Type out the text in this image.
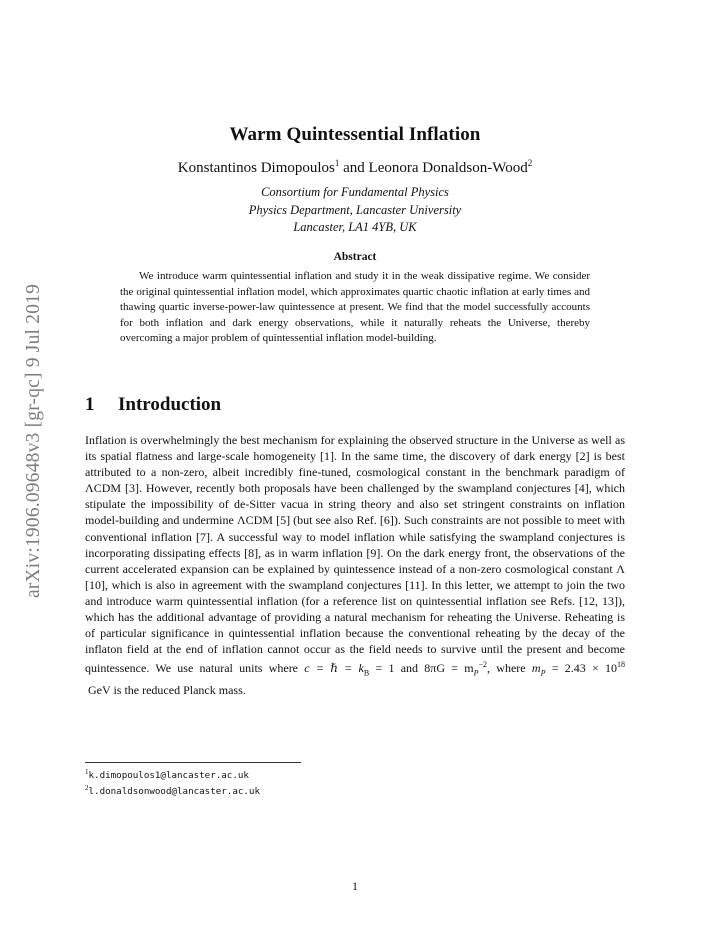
arXiv:1906.09648v3 [gr-qc] 9 Jul 2019
Warm Quintessential Inflation
Konstantinos Dimopoulos$^1$ and Leonora Donaldson-Wood$^2$
Consortium for Fundamental Physics
Physics Department, Lancaster University
Lancaster, LA1 4YB, UK
Abstract
We introduce warm quintessential inflation and study it in the weak dissipative regime. We consider the original quintessential inflation model, which approximates quartic chaotic inflation at early times and thawing quartic inverse-power-law quintessence at present. We find that the model successfully accounts for both inflation and dark energy observations, while it naturally reheats the Universe, thereby overcoming a major problem of quintessential inflation model-building.
1 Introduction
Inflation is overwhelmingly the best mechanism for explaining the observed structure in the Universe as well as its spatial flatness and large-scale homogeneity [1]. In the same time, the discovery of dark energy [2] is best attributed to a non-zero, albeit incredibly fine-tuned, cosmological constant in the benchmark paradigm of ΛCDM [3]. However, recently both proposals have been challenged by the swampland conjectures [4], which stipulate the impossibility of de-Sitter vacua in string theory and also set stringent constraints on inflation model-building and undermine ΛCDM [5] (but see also Ref. [6]). Such constraints are not possible to meet with conventional inflation [7]. A successful way to model inflation while satisfying the swampland conjectures is incorporating dissipating effects [8], as in warm inflation [9]. On the dark energy front, the observations of the current accelerated expansion can be explained by quintessence instead of a non-zero cosmological constant Λ [10], which is also in agreement with the swampland conjectures [11]. In this letter, we attempt to join the two and introduce warm quintessential inflation (for a reference list on quintessential inflation see Refs. [12, 13]), which has the additional advantage of providing a natural mechanism for reheating the Universe. Reheating is of particular significance in quintessential inflation because the conventional reheating by the decay of the inflaton field at the end of inflation cannot occur as the field needs to survive until the present and become quintessence. We use natural units where c = ℏ = $k_B = 1$ and $8\pi G = m_P^{-2}$, where $m_P = 2.43 \times 10^{18}$ GeV is the reduced Planck mass.
$^1$k.dimopoulos1@lancaster.ac.uk
$^2$l.donaldsonwood@lancaster.ac.uk
1
